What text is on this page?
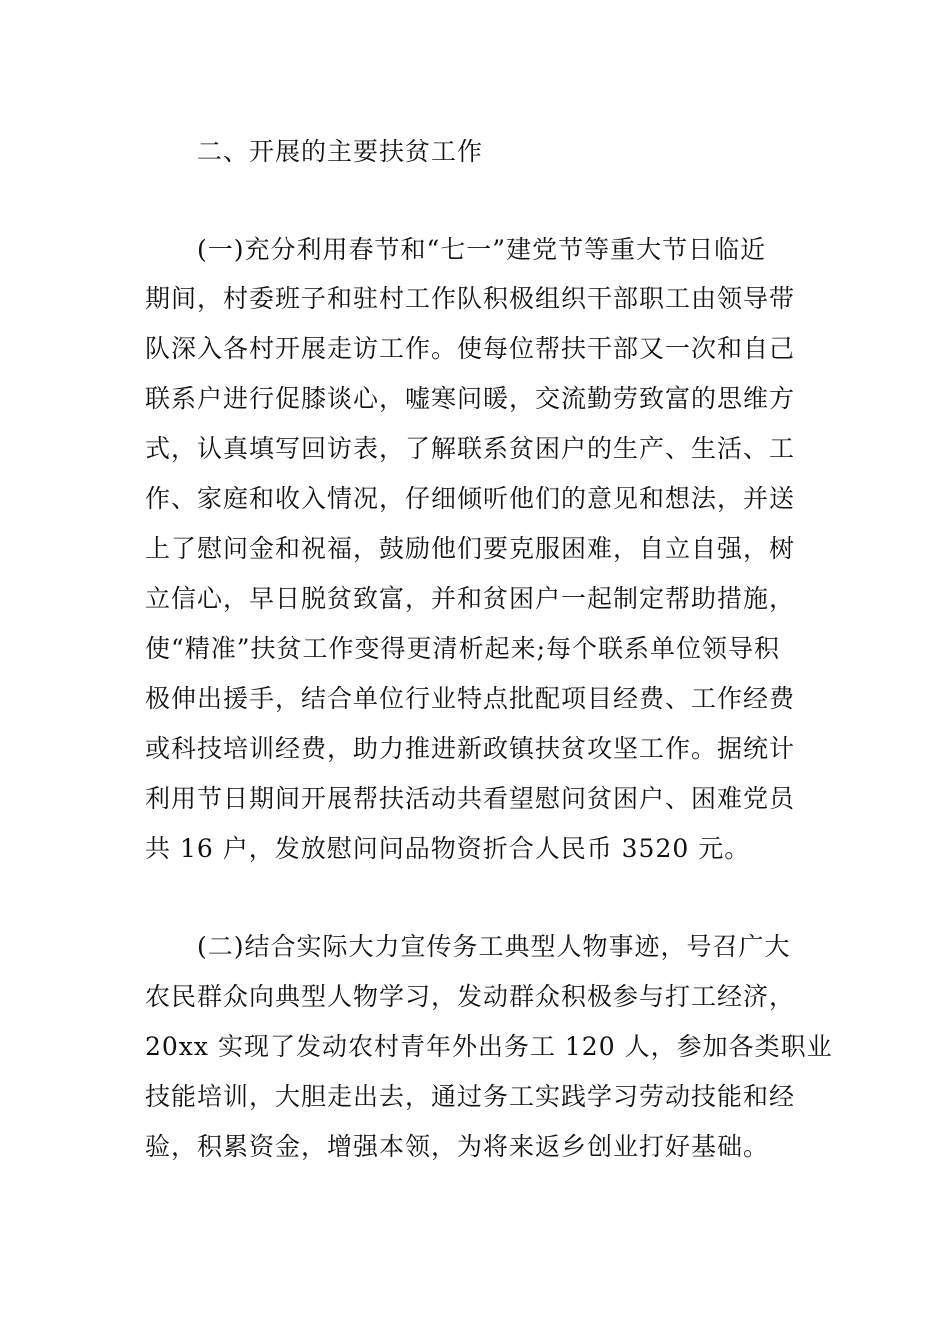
二、开展的主要扶贫工作
(一)充分利用春节和“七一”建党节等重大节日临近
期间，村委班子和驻村工作队积极组织干部职工由领导带
队深入各村开展走访工作。使每位帮扶干部又一次和自己
联系户进行促膝谈心，嘘寒问暖，交流勤劳致富的思维方
式，认真填写回访表，了解联系贫困户的生产、生活、工
作、家庭和收入情况，仔细倾听他们的意见和想法，并送
上了慰问金和祝福，鼓励他们要克服困难，自立自强，树
立信心，早日脱贫致富，并和贫困户一起制定帮助措施，
使“精准”扶贫工作变得更清析起来;每个联系单位领导积
极伸出援手，结合单位行业特点批配项目经费、工作经费
或科技培训经费，助力推进新政镇扶贫攻坚工作。据统计
利用节日期间开展帮扶活动共看望慰问贫困户、困难党员
共 16 户，发放慰问问品物资折合人民币 3520 元。
(二)结合实际大力宣传务工典型人物事迹，号召广大
农民群众向典型人物学习，发动群众积极参与打工经济，
20xx 实现了发动农村青年外出务工 120 人，参加各类职业
技能培训，大胆走出去，通过务工实践学习劳动技能和经
验，积累资金，增强本领，为将来返乡创业打好基础。
